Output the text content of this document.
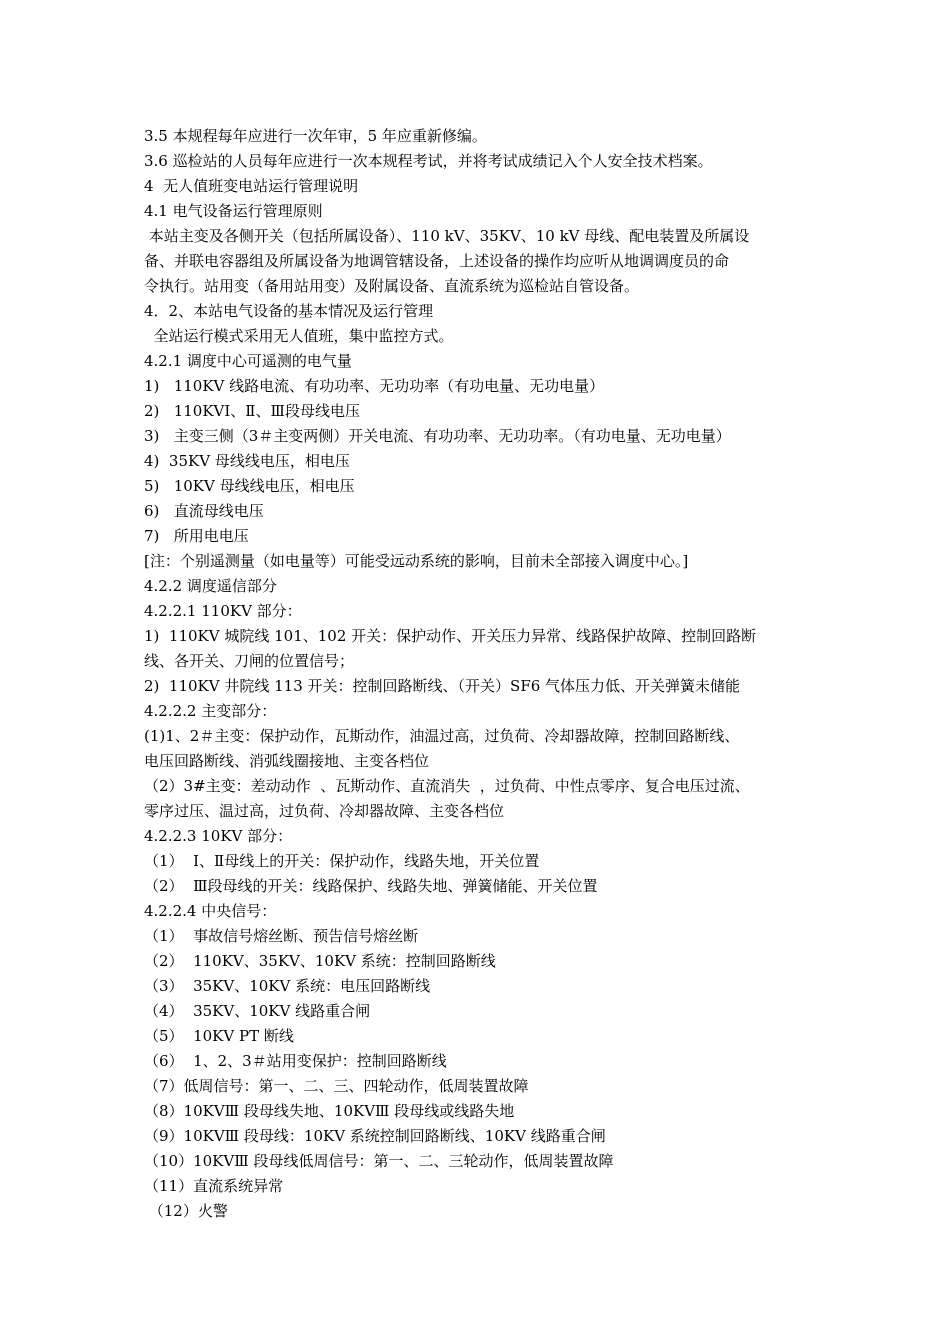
3.5 本规程每年应进行一次年审，5 年应重新修编。
3.6 巡检站的人员每年应进行一次本规程考试，并将考试成绩记入个人安全技术档案。
4  无人值班变电站运行管理说明
4.1 电气设备运行管理原则
本站主变及各侧开关（包括所属设备）、110 kV、35KV、10 kV 母线、配电装置及所属设
备、并联电容器组及所属设备为地调管辖设备，上述设备的操作均应听从地调调度员的命
令执行。站用变（备用站用变）及附属设备、直流系统为巡检站自管设备。
4．2、本站电气设备的基本情况及运行管理
全站运行模式采用无人值班，集中监控方式。
4.2.1 调度中心可遥测的电气量
1)   110KV 线路电流、有功功率、无功功率（有功电量、无功电量）
2)   110KVⅠ、Ⅱ、Ⅲ段母线电压
3)   主变三侧（3＃主变两侧）开关电流、有功功率、无功功率。（有功电量、无功电量）
4)  35KV 母线线电压，相电压
5)   10KV 母线线电压，相电压
6)   直流母线电压
7)   所用电电压
[注：个别遥测量（如电量等）可能受远动系统的影响，目前未全部接入调度中心。]
4.2.2 调度遥信部分
4.2.2.1 110KV 部分：
1)  110KV 城院线 101、102 开关：保护动作、开关压力异常、线路保护故障、控制回路断
线、各开关、刀闸的位置信号；
2)  110KV 井院线 113 开关：控制回路断线、（开关）SF6 气体压力低、开关弹簧未储能
4.2.2.2 主变部分：
(1)1、2＃主变：保护动作，瓦斯动作，油温过高，过负荷、冷却器故障，控制回路断线、
电压回路断线、消弧线圈接地、主变各档位
（2）3#主变：差动动作  、瓦斯动作、直流消失  ，过负荷、中性点零序、复合电压过流、
零序过压、温过高，过负荷、冷却器故障、主变各档位
4.2.2.3 10KV 部分：
（1）  Ⅰ、Ⅱ母线上的开关：保护动作，线路失地，开关位置
（2）  Ⅲ段母线的开关：线路保护、线路失地、弹簧储能、开关位置
4.2.2.4 中央信号：
（1）  事故信号熔丝断、预告信号熔丝断
（2）  110KV、35KV、10KV 系统：控制回路断线
（3）  35KV、10KV 系统：电压回路断线
（4）  35KV、10KV 线路重合闸
（5）  10KV PT 断线
（6）  1、2、3＃站用变保护：控制回路断线
（7）低周信号：第一、二、三、四轮动作，低周装置故障
（8）10KVⅢ 段母线失地、10KVⅢ 段母线或线路失地
（9）10KVⅢ 段母线：10KV 系统控制回路断线、10KV 线路重合闸
（10）10KVⅢ 段母线低周信号：第一、二、三轮动作，低周装置故障
（11）直流系统异常
（12）火警
